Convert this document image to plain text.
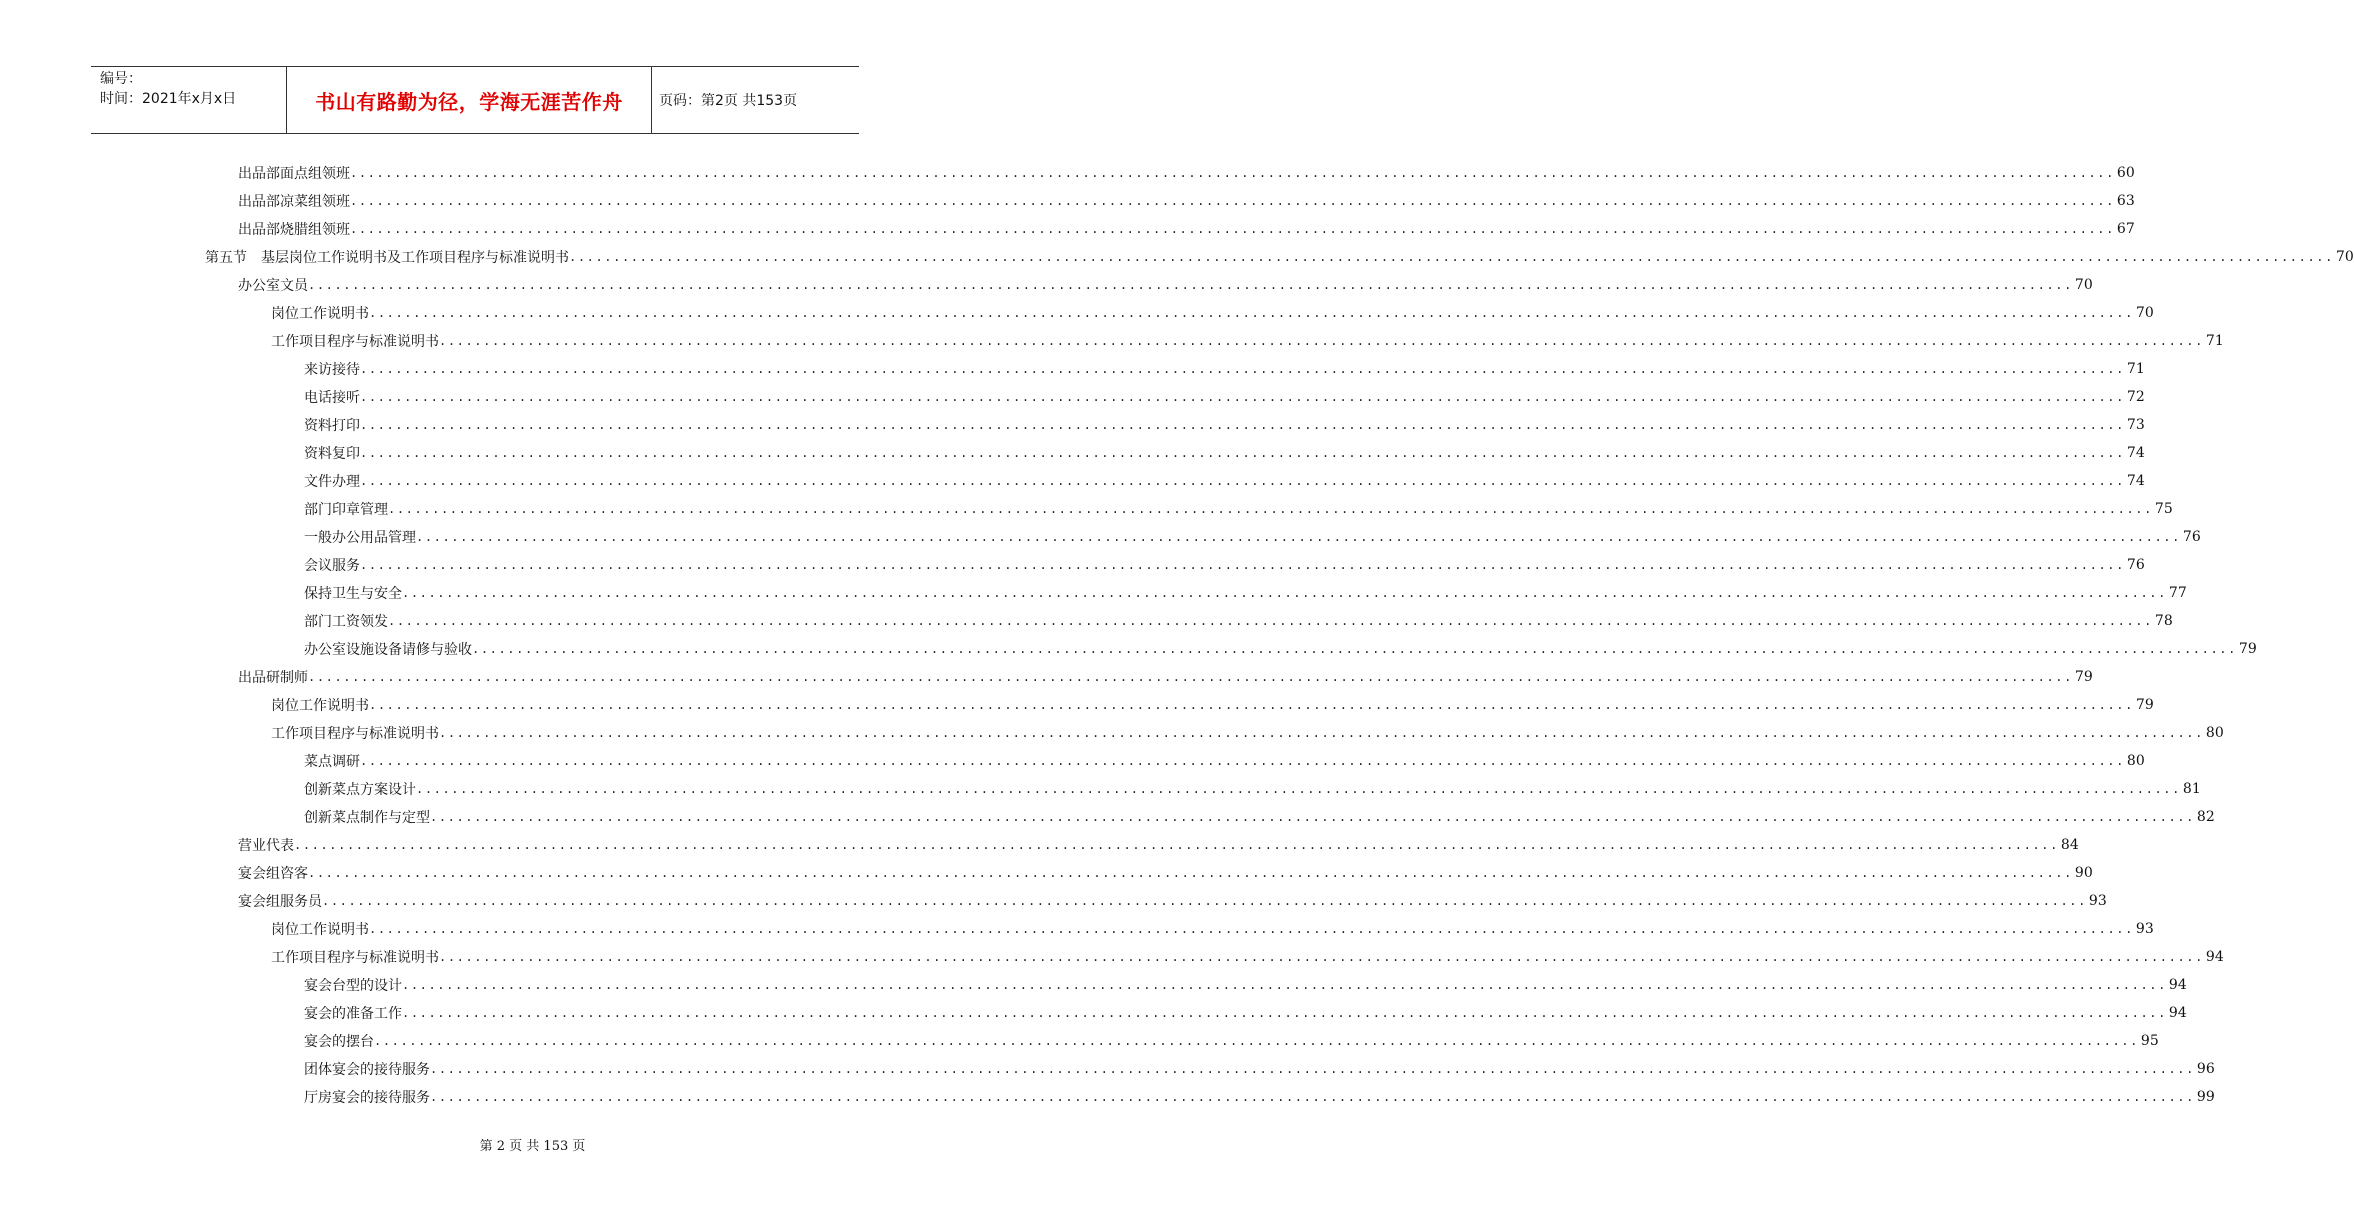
编号：
时间：2021年x月x日	书山有路勤为径，学海无涯苦作舟	页码：第2页 共153页
出品部面点组领班 ........................................................................................................................................................................................................ 60
出品部凉菜组领班 ........................................................................................................................................................................................................ 63
出品部烧腊组领班 ........................................................................................................................................................................................................ 67
第五节　基层岗位工作说明书及工作项目程序与标准说明书 ........................................................................................................................................................................................................ 70
办公室文员 ........................................................................................................................................................................................................ 70
岗位工作说明书 ........................................................................................................................................................................................................ 70
工作项目程序与标准说明书 ........................................................................................................................................................................................................ 71
来访接待 ........................................................................................................................................................................................................ 71
电话接听 ........................................................................................................................................................................................................ 72
资料打印 ........................................................................................................................................................................................................ 73
资料复印 ........................................................................................................................................................................................................ 74
文件办理 ........................................................................................................................................................................................................ 74
部门印章管理 ........................................................................................................................................................................................................ 75
一般办公用品管理 ........................................................................................................................................................................................................ 76
会议服务 ........................................................................................................................................................................................................ 76
保持卫生与安全 ........................................................................................................................................................................................................ 77
部门工资领发 ........................................................................................................................................................................................................ 78
办公室设施设备请修与验收 ........................................................................................................................................................................................................ 79
出品研制师 ........................................................................................................................................................................................................ 79
岗位工作说明书 ........................................................................................................................................................................................................ 79
工作项目程序与标准说明书 ........................................................................................................................................................................................................ 80
菜点调研 ........................................................................................................................................................................................................ 80
创新菜点方案设计 ........................................................................................................................................................................................................ 81
创新菜点制作与定型 ........................................................................................................................................................................................................ 82
营业代表 ........................................................................................................................................................................................................ 84
宴会组咨客 ........................................................................................................................................................................................................ 90
宴会组服务员 ........................................................................................................................................................................................................ 93
岗位工作说明书 ........................................................................................................................................................................................................ 93
工作项目程序与标准说明书 ........................................................................................................................................................................................................ 94
宴会台型的设计 ........................................................................................................................................................................................................ 94
宴会的准备工作 ........................................................................................................................................................................................................ 94
宴会的摆台 ........................................................................................................................................................................................................ 95
团体宴会的接待服务 ........................................................................................................................................................................................................ 96
厅房宴会的接待服务 ........................................................................................................................................................................................................ 99
第 2 页 共 153 页
